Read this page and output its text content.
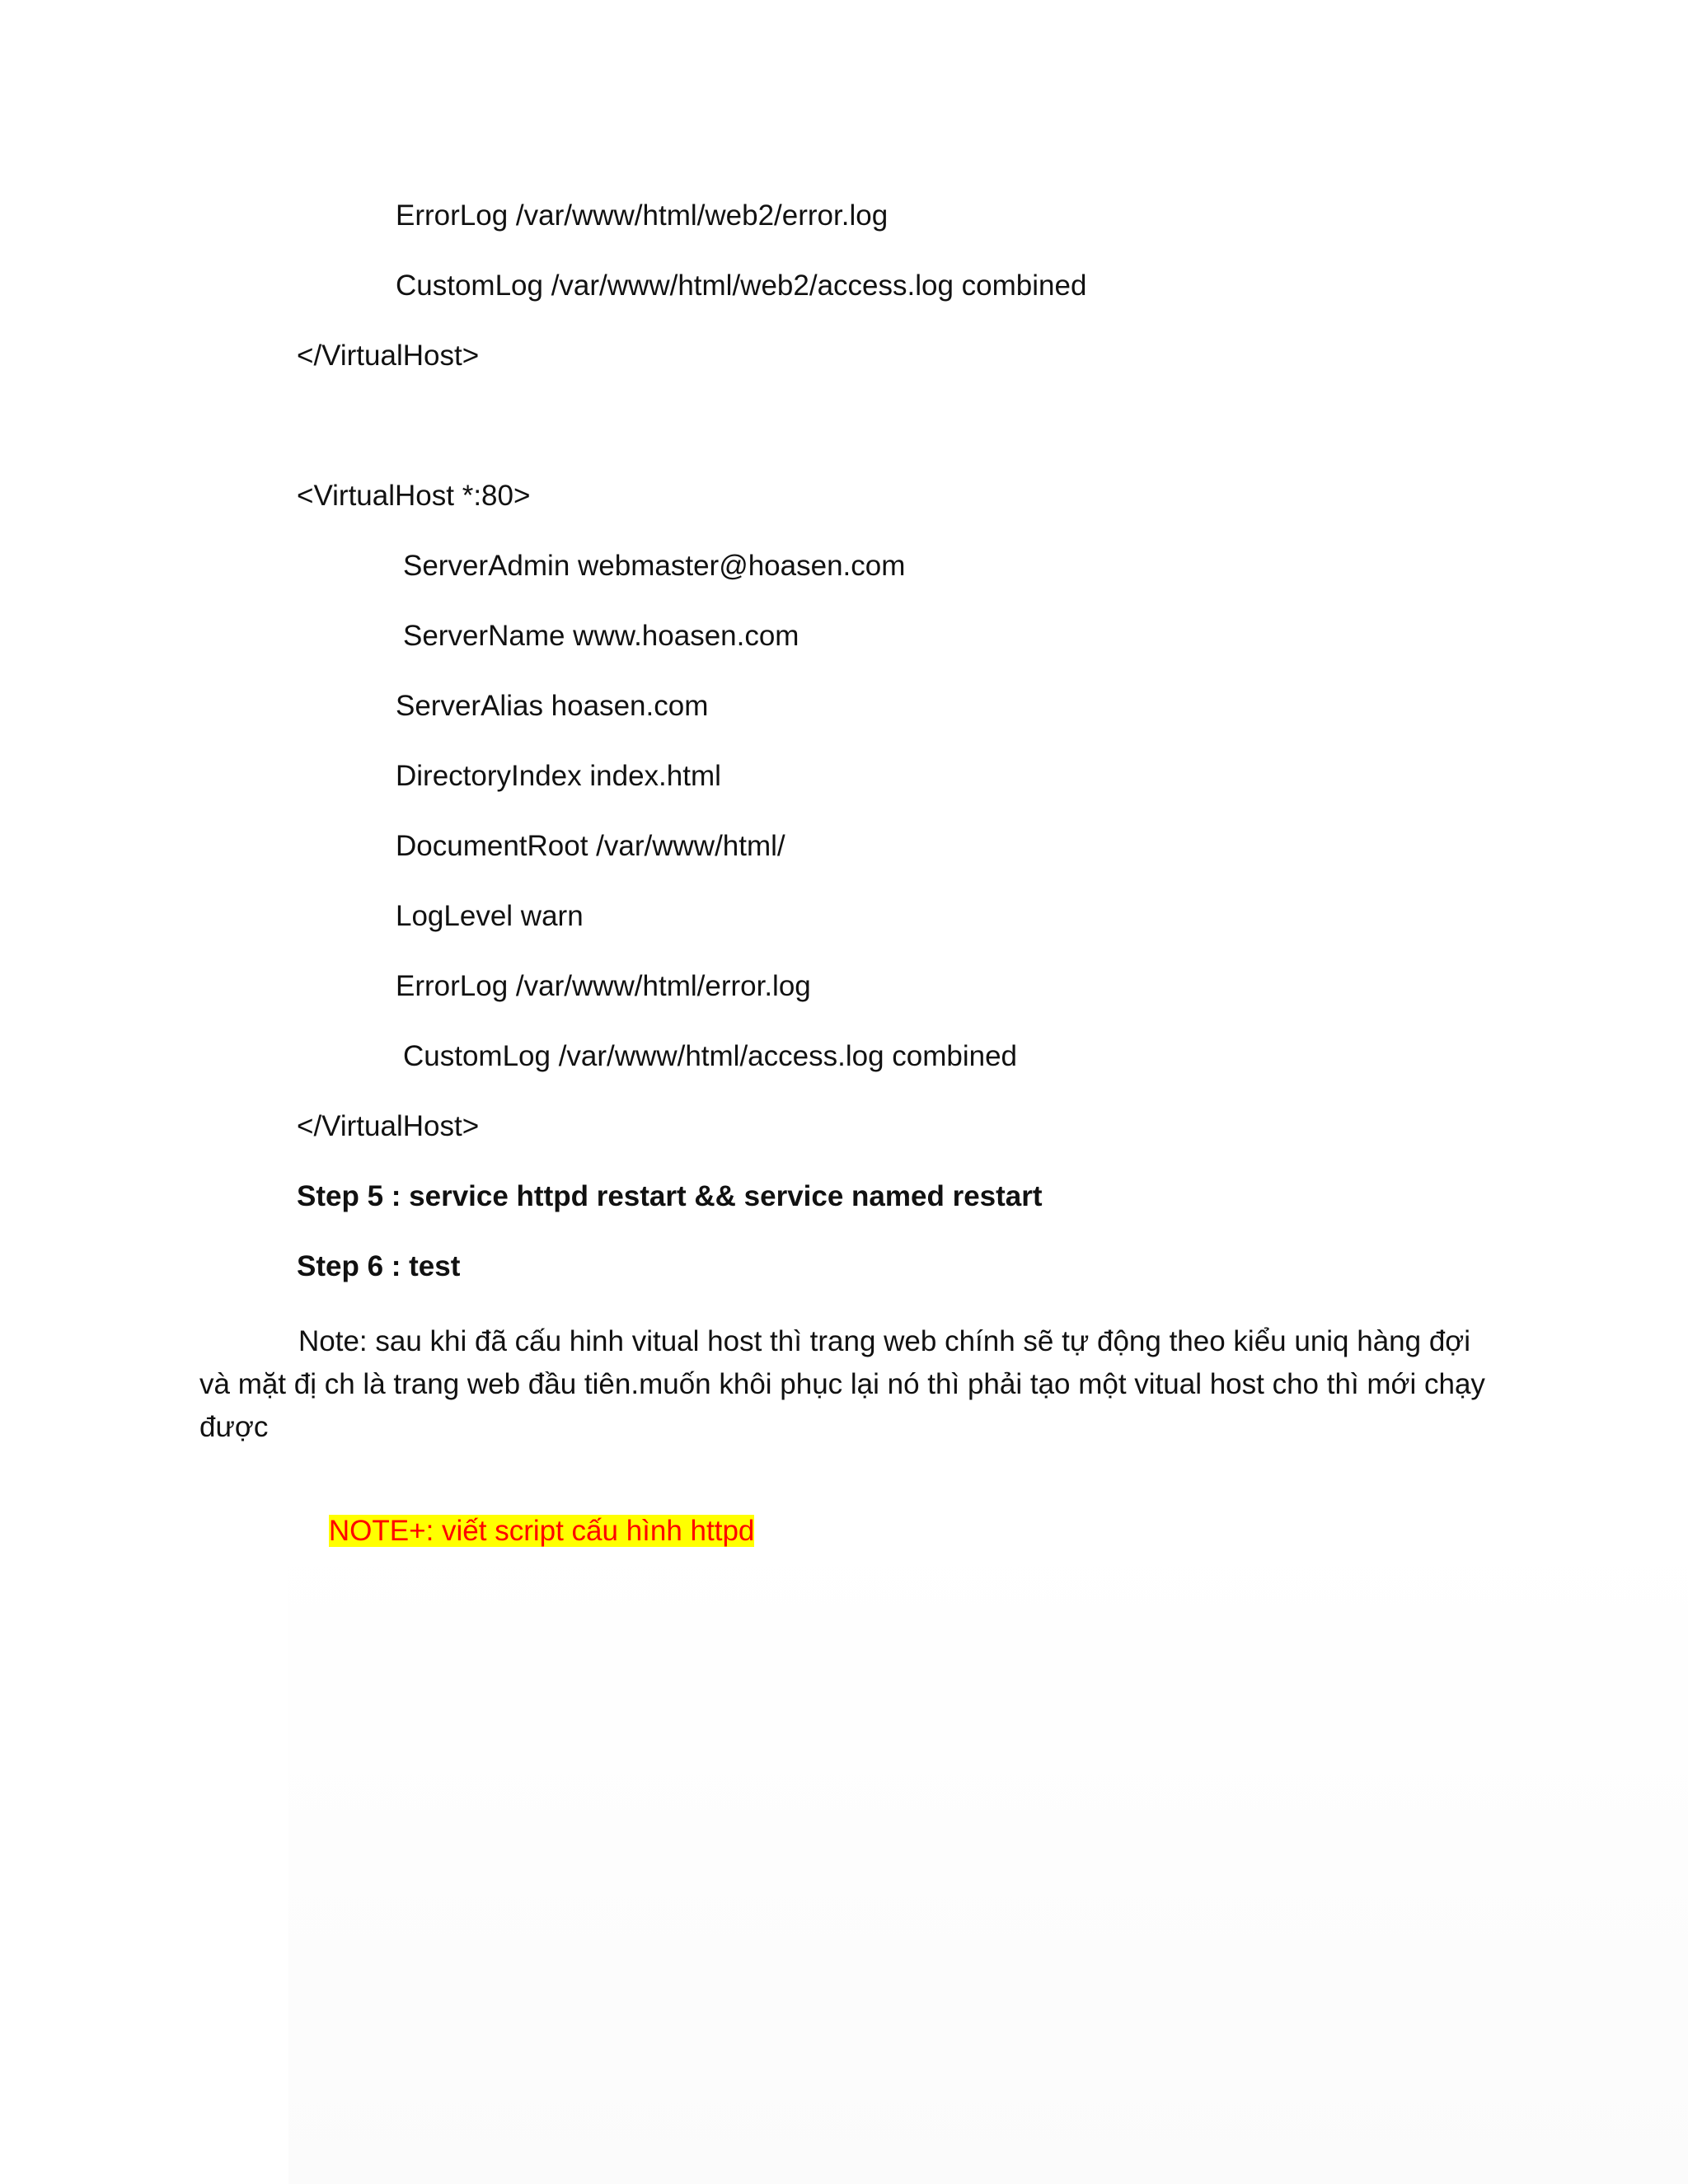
ErrorLog /var/www/html/web2/error.log
CustomLog /var/www/html/web2/access.log combined
</VirtualHost>
<VirtualHost *:80>
ServerAdmin webmaster@hoasen.com
ServerName www.hoasen.com
ServerAlias hoasen.com
DirectoryIndex index.html
DocumentRoot /var/www/html/
LogLevel warn
ErrorLog /var/www/html/error.log
CustomLog /var/www/html/access.log combined
</VirtualHost>
Step 5 : service httpd restart && service named restart
Step 6 : test
Note: sau khi đã cấu hinh vitual host thì trang web chính sẽ tự động theo kiểu uniq hàng đợi và mặt đị ch là trang web đầu tiên.muốn khôi phục lại nó thì phải tạo một vitual host cho thì mới chạy được

NOTE+: viết script cấu hình httpd
